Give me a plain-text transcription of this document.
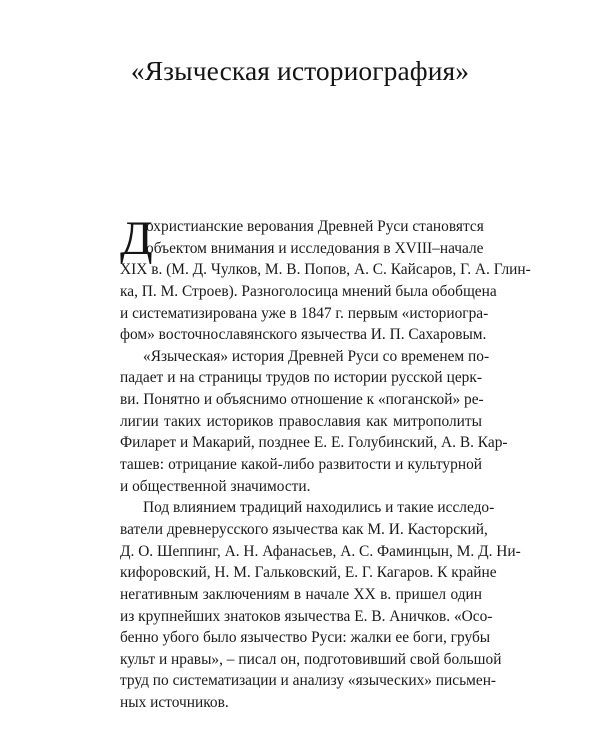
«Языческая историография»
Д
охристианские верования Древней Руси становятся
объектом внимания и исследования в XVIII–начале
XIX в. (М. Д. Чулков, М. В. Попов, А. С. Кайсаров, Г. А. Глин-
ка, П. М. Строев). Разноголосица мнений была обобщена
и систематизирована уже в 1847 г. первым «историогра-
фом» восточнославянского язычества И. П. Сахаровым.
«Языческая» история Древней Руси со временем по-
падает и на страницы трудов по истории русской церк-
ви. Понятно и объяснимо отношение к «поганской» ре-
лигии таких историков православия как митрополиты
Филарет и Макарий, позднее Е. Е. Голубинский, А. В. Кар-
ташев: отрицание какой-либо развитости и культурной
и общественной значимости.
Под влиянием традиций находились и такие исследо-
ватели древнерусского язычества как М. И. Касторский,
Д. О. Шеппинг, А. Н. Афанасьев, А. С. Фаминцын, М. Д. Ни-
кифоровский, Н. М. Гальковский, Е. Г. Кагаров. К крайне
негативным заключениям в начале XX в. пришел один
из крупнейших знатоков язычества Е. В. Аничков. «Осо-
бенно убого было язычество Руси: жалки ее боги, грубы
культ и нравы», – писал он, подготовивший свой большой
труд по систематизации и анализу «языческих» письмен-
ных источников.
